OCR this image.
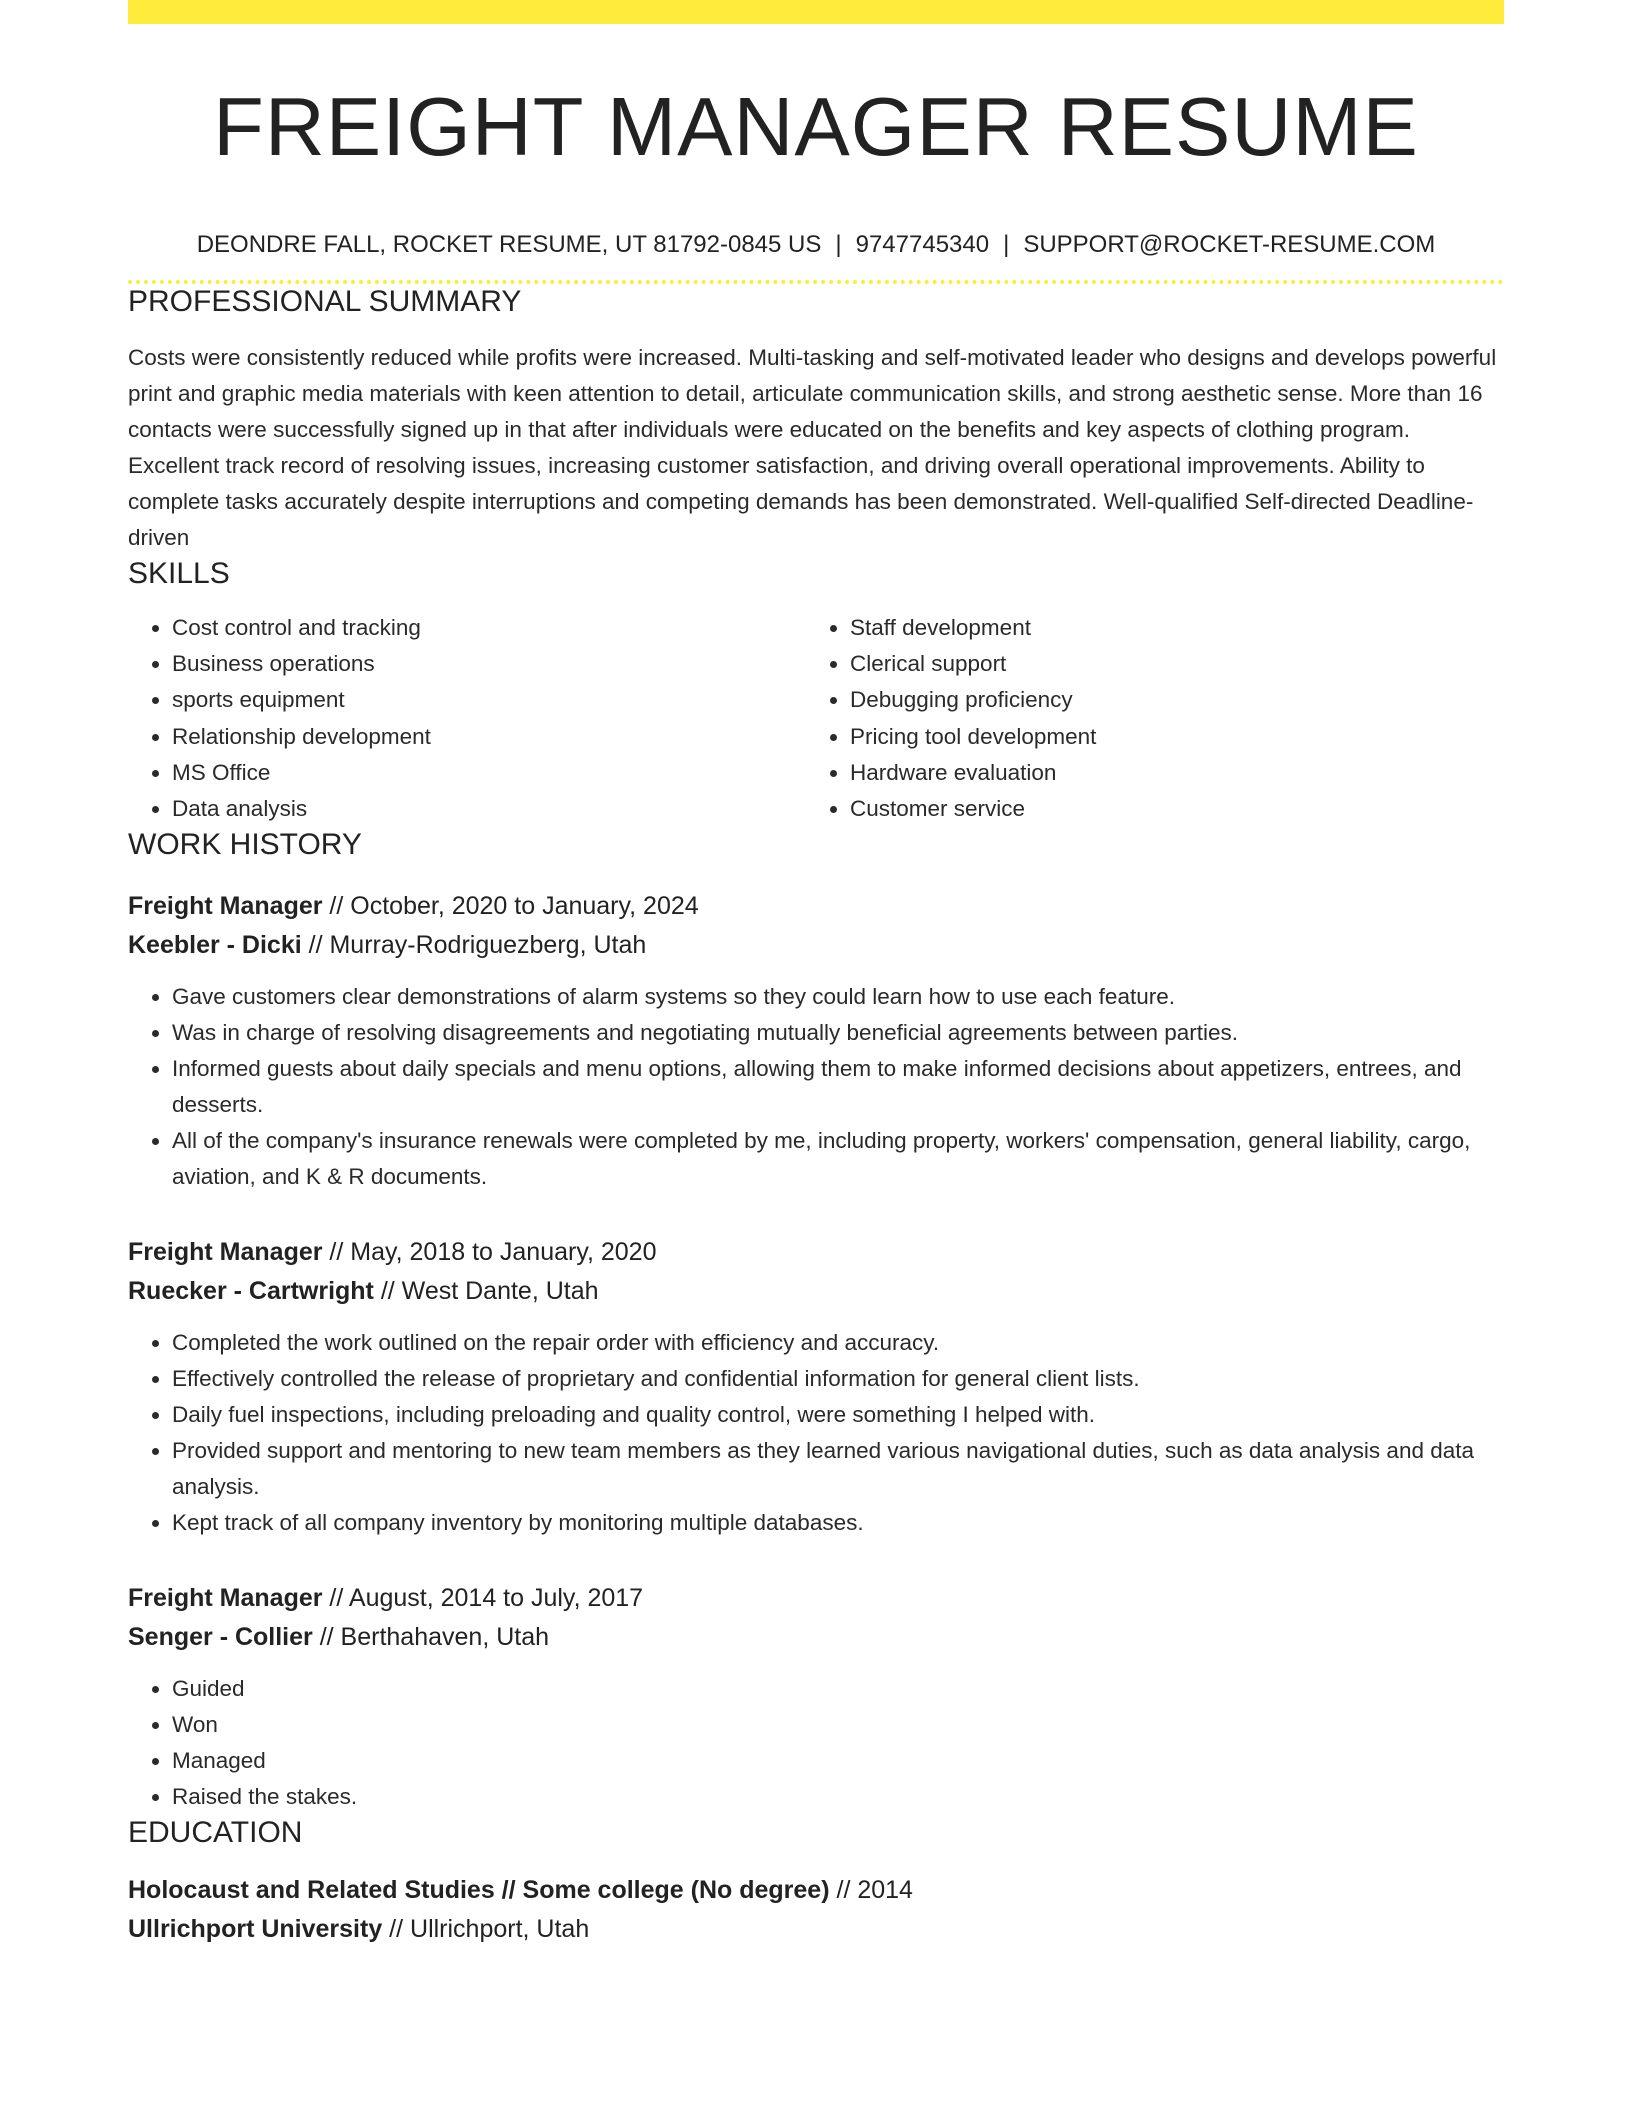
FREIGHT MANAGER RESUME
DEONDRE FALL, ROCKET RESUME, UT 81792-0845 US | 9747745340 | SUPPORT@ROCKET-RESUME.COM
PROFESSIONAL SUMMARY

Costs were consistently reduced while profits were increased. Multi-tasking and self-motivated leader who designs and develops powerful print and graphic media materials with keen attention to detail, articulate communication skills, and strong aesthetic sense. More than 16 contacts were successfully signed up in that after individuals were educated on the benefits and key aspects of clothing program. Excellent track record of resolving issues, increasing customer satisfaction, and driving overall operational improvements. Ability to complete tasks accurately despite interruptions and competing demands has been demonstrated. Well-qualified Self-directed Deadline-driven

SKILLS
• Cost control and tracking
• Business operations
• sports equipment
• Relationship development
• MS Office
• Data analysis
• Staff development
• Clerical support
• Debugging proficiency
• Pricing tool development
• Hardware evaluation
• Customer service
WORK HISTORY
Freight Manager // October, 2020 to January, 2024
Keebler - Dicki // Murray-Rodriguezberg, Utah
• Gave customers clear demonstrations of alarm systems so they could learn how to use each feature.
• Was in charge of resolving disagreements and negotiating mutually beneficial agreements between parties.
• Informed guests about daily specials and menu options, allowing them to make informed decisions about appetizers, entrees, and desserts.
• All of the company's insurance renewals were completed by me, including property, workers' compensation, general liability, cargo, aviation, and K & R documents.
Freight Manager // May, 2018 to January, 2020
Ruecker - Cartwright // West Dante, Utah
• Completed the work outlined on the repair order with efficiency and accuracy.
• Effectively controlled the release of proprietary and confidential information for general client lists.
• Daily fuel inspections, including preloading and quality control, were something I helped with.
• Provided support and mentoring to new team members as they learned various navigational duties, such as data analysis and data analysis.
• Kept track of all company inventory by monitoring multiple databases.
Freight Manager // August, 2014 to July, 2017
Senger - Collier // Berthahaven, Utah
• Guided
• Won
• Managed
• Raised the stakes.
EDUCATION
Holocaust and Related Studies // Some college (No degree) // 2014
Ullrichport University // Ullrichport, Utah
